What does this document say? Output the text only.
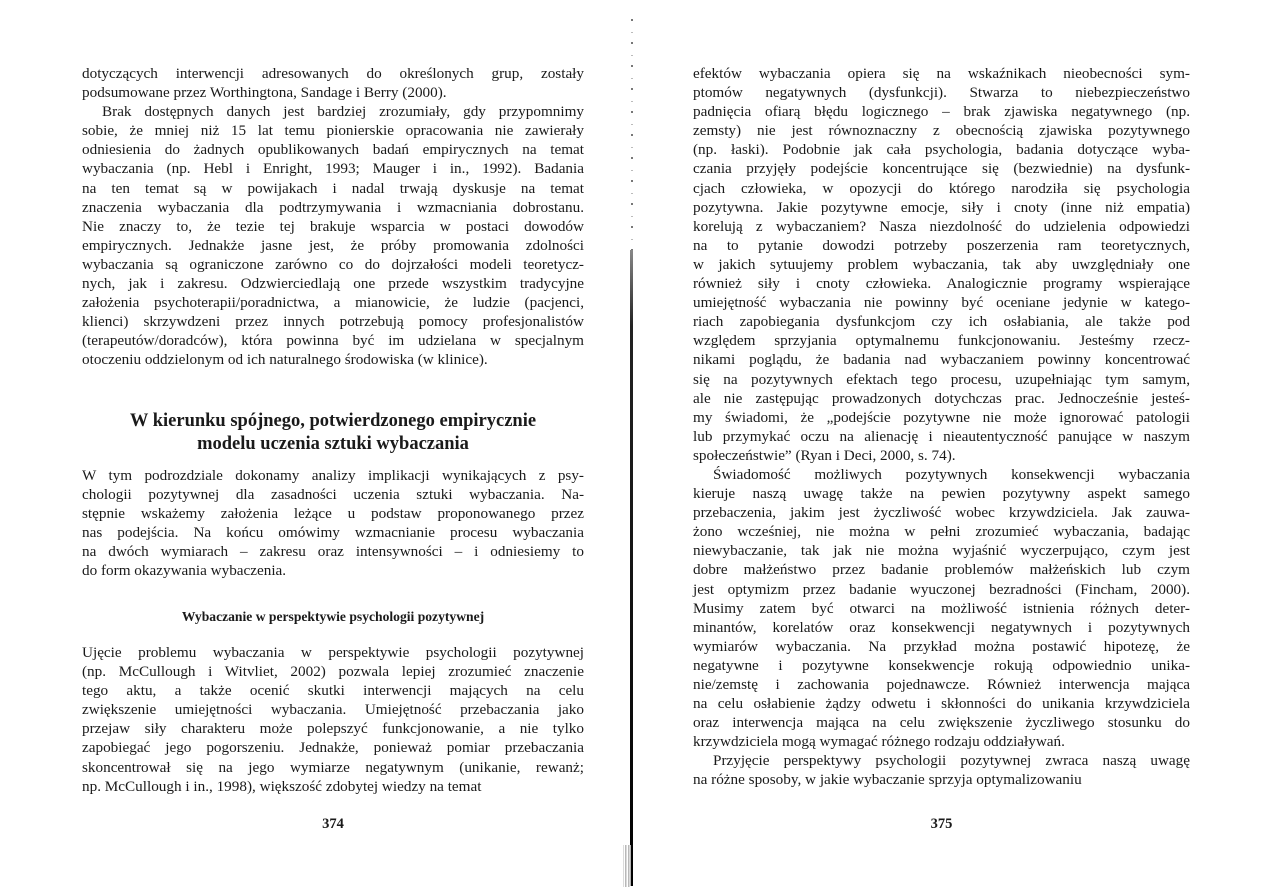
dotyczących interwencji adresowanych do określonych grup, zostały
podsumowane przez Worthingtona, Sandage i Berry (2000).

Brak dostępnych danych jest bardziej zrozumiały, gdy przypomnimy
sobie, że mniej niż 15 lat temu pionierskie opracowania nie zawierały
odniesienia do żadnych opublikowanych badań empirycznych na temat
wybaczania (np. Hebl i Enright, 1993; Mauger i in., 1992). Badania
na ten temat są w powijakach i nadal trwają dyskusje na temat
znaczenia wybaczania dla podtrzymywania i wzmacniania dobrostanu.
Nie znaczy to, że tezie tej brakuje wsparcia w postaci dowodów
empirycznych. Jednakże jasne jest, że próby promowania zdolności
wybaczania są ograniczone zarówno co do dojrzałości modeli teoretycz-
nych, jak i zakresu. Odzwierciedlają one przede wszystkim tradycyjne
założenia psychoterapii/poradnictwa, a mianowicie, że ludzie (pacjenci,
klienci) skrzywdzeni przez innych potrzebują pomocy profesjonalistów
(terapeutów/doradców), która powinna być im udzielana w specjalnym
otoczeniu oddzielonym od ich naturalnego środowiska (w klinice).

W kierunku spójnego, potwierdzonego empirycznie
modelu uczenia sztuki wybaczania

W tym podrozdziale dokonamy analizy implikacji wynikających z psy-
chologii pozytywnej dla zasadności uczenia sztuki wybaczania. Na-
stępnie wskażemy założenia leżące u podstaw proponowanego przez
nas podejścia. Na końcu omówimy wzmacnianie procesu wybaczania
na dwóch wymiarach – zakresu oraz intensywności – i odniesiemy to
do form okazywania wybaczenia.

Wybaczanie w perspektywie psychologii pozytywnej

Ujęcie problemu wybaczania w perspektywie psychologii pozytywnej
(np. McCullough i Witvliet, 2002) pozwala lepiej zrozumieć znaczenie
tego aktu, a także ocenić skutki interwencji mających na celu
zwiększenie umiejętności wybaczania. Umiejętność przebaczania jako
przejaw siły charakteru może polepszyć funkcjonowanie, a nie tylko
zapobiegać jego pogorszeniu. Jednakże, ponieważ pomiar przebaczania
skoncentrował się na jego wymiarze negatywnym (unikanie, rewanż;
np. McCullough i in., 1998), większość zdobytej wiedzy na temat

374

efektów wybaczania opiera się na wskaźnikach nieobecności sym-
ptomów negatywnych (dysfunkcji). Stwarza to niebezpieczeństwo
padnięcia ofiarą błędu logicznego – brak zjawiska negatywnego (np.
zemsty) nie jest równoznaczny z obecnością zjawiska pozytywnego
(np. łaski). Podobnie jak cała psychologia, badania dotyczące wyba-
czania przyjęły podejście koncentrujące się (bezwiednie) na dysfunk-
cjach człowieka, w opozycji do którego narodziła się psychologia
pozytywna. Jakie pozytywne emocje, siły i cnoty (inne niż empatia)
korelują z wybaczaniem? Nasza niezdolność do udzielenia odpowiedzi
na to pytanie dowodzi potrzeby poszerzenia ram teoretycznych,
w jakich sytuujemy problem wybaczania, tak aby uwzględniały one
również siły i cnoty człowieka. Analogicznie programy wspierające
umiejętność wybaczania nie powinny być oceniane jedynie w katego-
riach zapobiegania dysfunkcjom czy ich osłabiania, ale także pod
względem sprzyjania optymalnemu funkcjonowaniu. Jesteśmy rzecz-
nikami poglądu, że badania nad wybaczaniem powinny koncentrować
się na pozytywnych efektach tego procesu, uzupełniając tym samym,
ale nie zastępując prowadzonych dotychczas prac. Jednocześnie jesteś-
my świadomi, że „podejście pozytywne nie może ignorować patologii
lub przymykać oczu na alienację i nieautentyczność panujące w naszym
społeczeństwie” (Ryan i Deci, 2000, s. 74).

Świadomość możliwych pozytywnych konsekwencji wybaczania
kieruje naszą uwagę także na pewien pozytywny aspekt samego
przebaczenia, jakim jest życzliwość wobec krzywdziciela. Jak zauwa-
żono wcześniej, nie można w pełni zrozumieć wybaczania, badając
niewybaczanie, tak jak nie można wyjaśnić wyczerpująco, czym jest
dobre małżeństwo przez badanie problemów małżeńskich lub czym
jest optymizm przez badanie wyuczonej bezradności (Fincham, 2000).
Musimy zatem być otwarci na możliwość istnienia różnych deter-
minantów, korelatów oraz konsekwencji negatywnych i pozytywnych
wymiarów wybaczania. Na przykład można postawić hipotezę, że
negatywne i pozytywne konsekwencje rokują odpowiednio unika-
nie/zemstę i zachowania pojednawcze. Również interwencja mająca
na celu osłabienie żądzy odwetu i skłonności do unikania krzywdziciela
oraz interwencja mająca na celu zwiększenie życzliwego stosunku do
krzywdziciela mogą wymagać różnego rodzaju oddziaływań.

Przyjęcie perspektywy psychologii pozytywnej zwraca naszą uwagę
na różne sposoby, w jakie wybaczanie sprzyja optymalizowaniu

375
